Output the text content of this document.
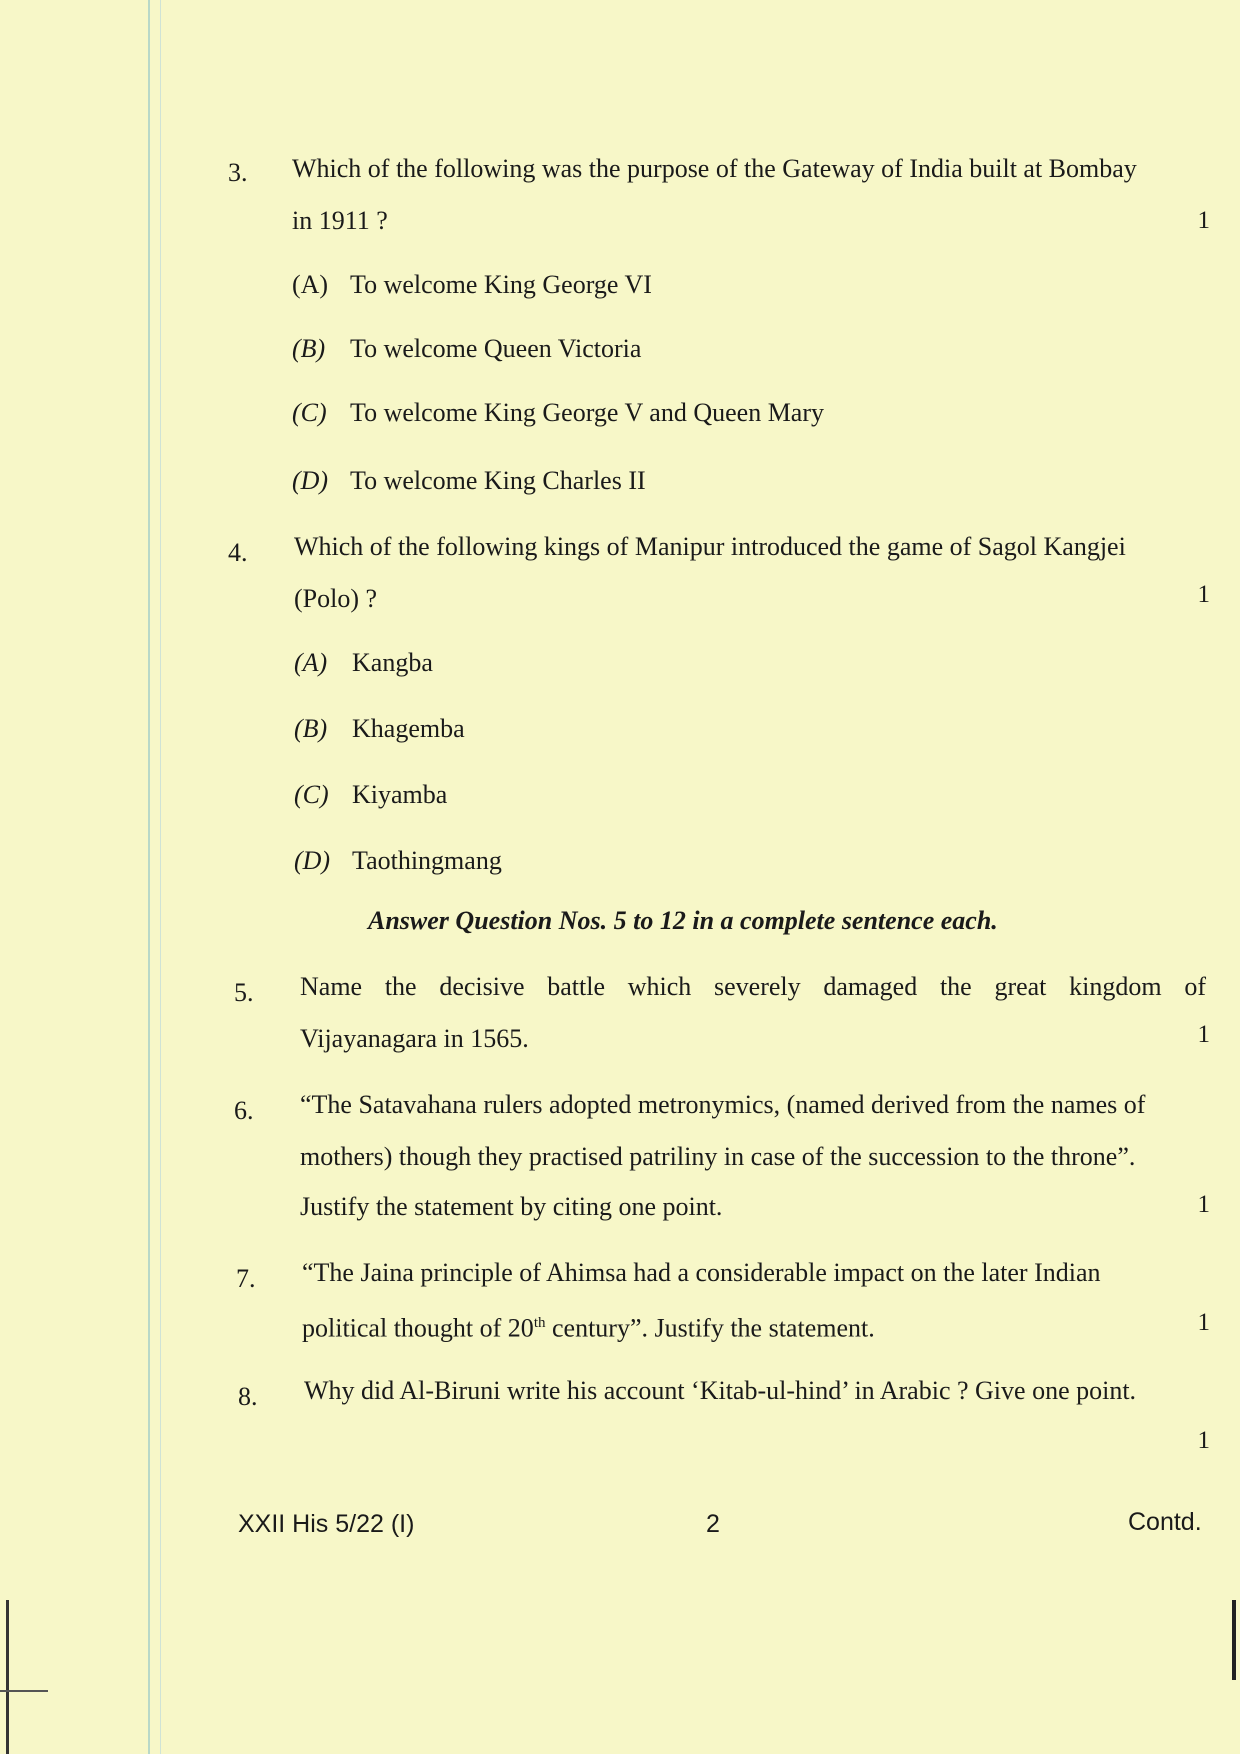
3.	Which of the following was the purpose of the Gateway of India built at Bombay
in 1911 ?	1
(A) To welcome King George VI
(B) To welcome Queen Victoria
(C) To welcome King George V and Queen Mary
(D) To welcome King Charles II
4.	Which of the following kings of Manipur introduced the game of Sagol Kangjei
(Polo) ?	1
(A) Kangba
(B) Khagemba
(C) Kiyamba
(D) Taothingmang
Answer Question Nos. 5 to 12 in a complete sentence each.
5.	Name the decisive battle which severely damaged the great kingdom of
Vijayanagara in 1565.	1
6.	“The Satavahana rulers adopted metronymics, (named derived from the names of
mothers) though they practised patriliny in case of the succession to the throne”.
Justify the statement by citing one point.	1
7.	“The Jaina principle of Ahimsa had a considerable impact on the later Indian
political thought of 20th century”. Justify the statement.	1
8.	Why did Al-Biruni write his account ‘Kitab-ul-hind’ in Arabic ? Give one point.
1
XXII His 5/22 (I)	2	Contd.
